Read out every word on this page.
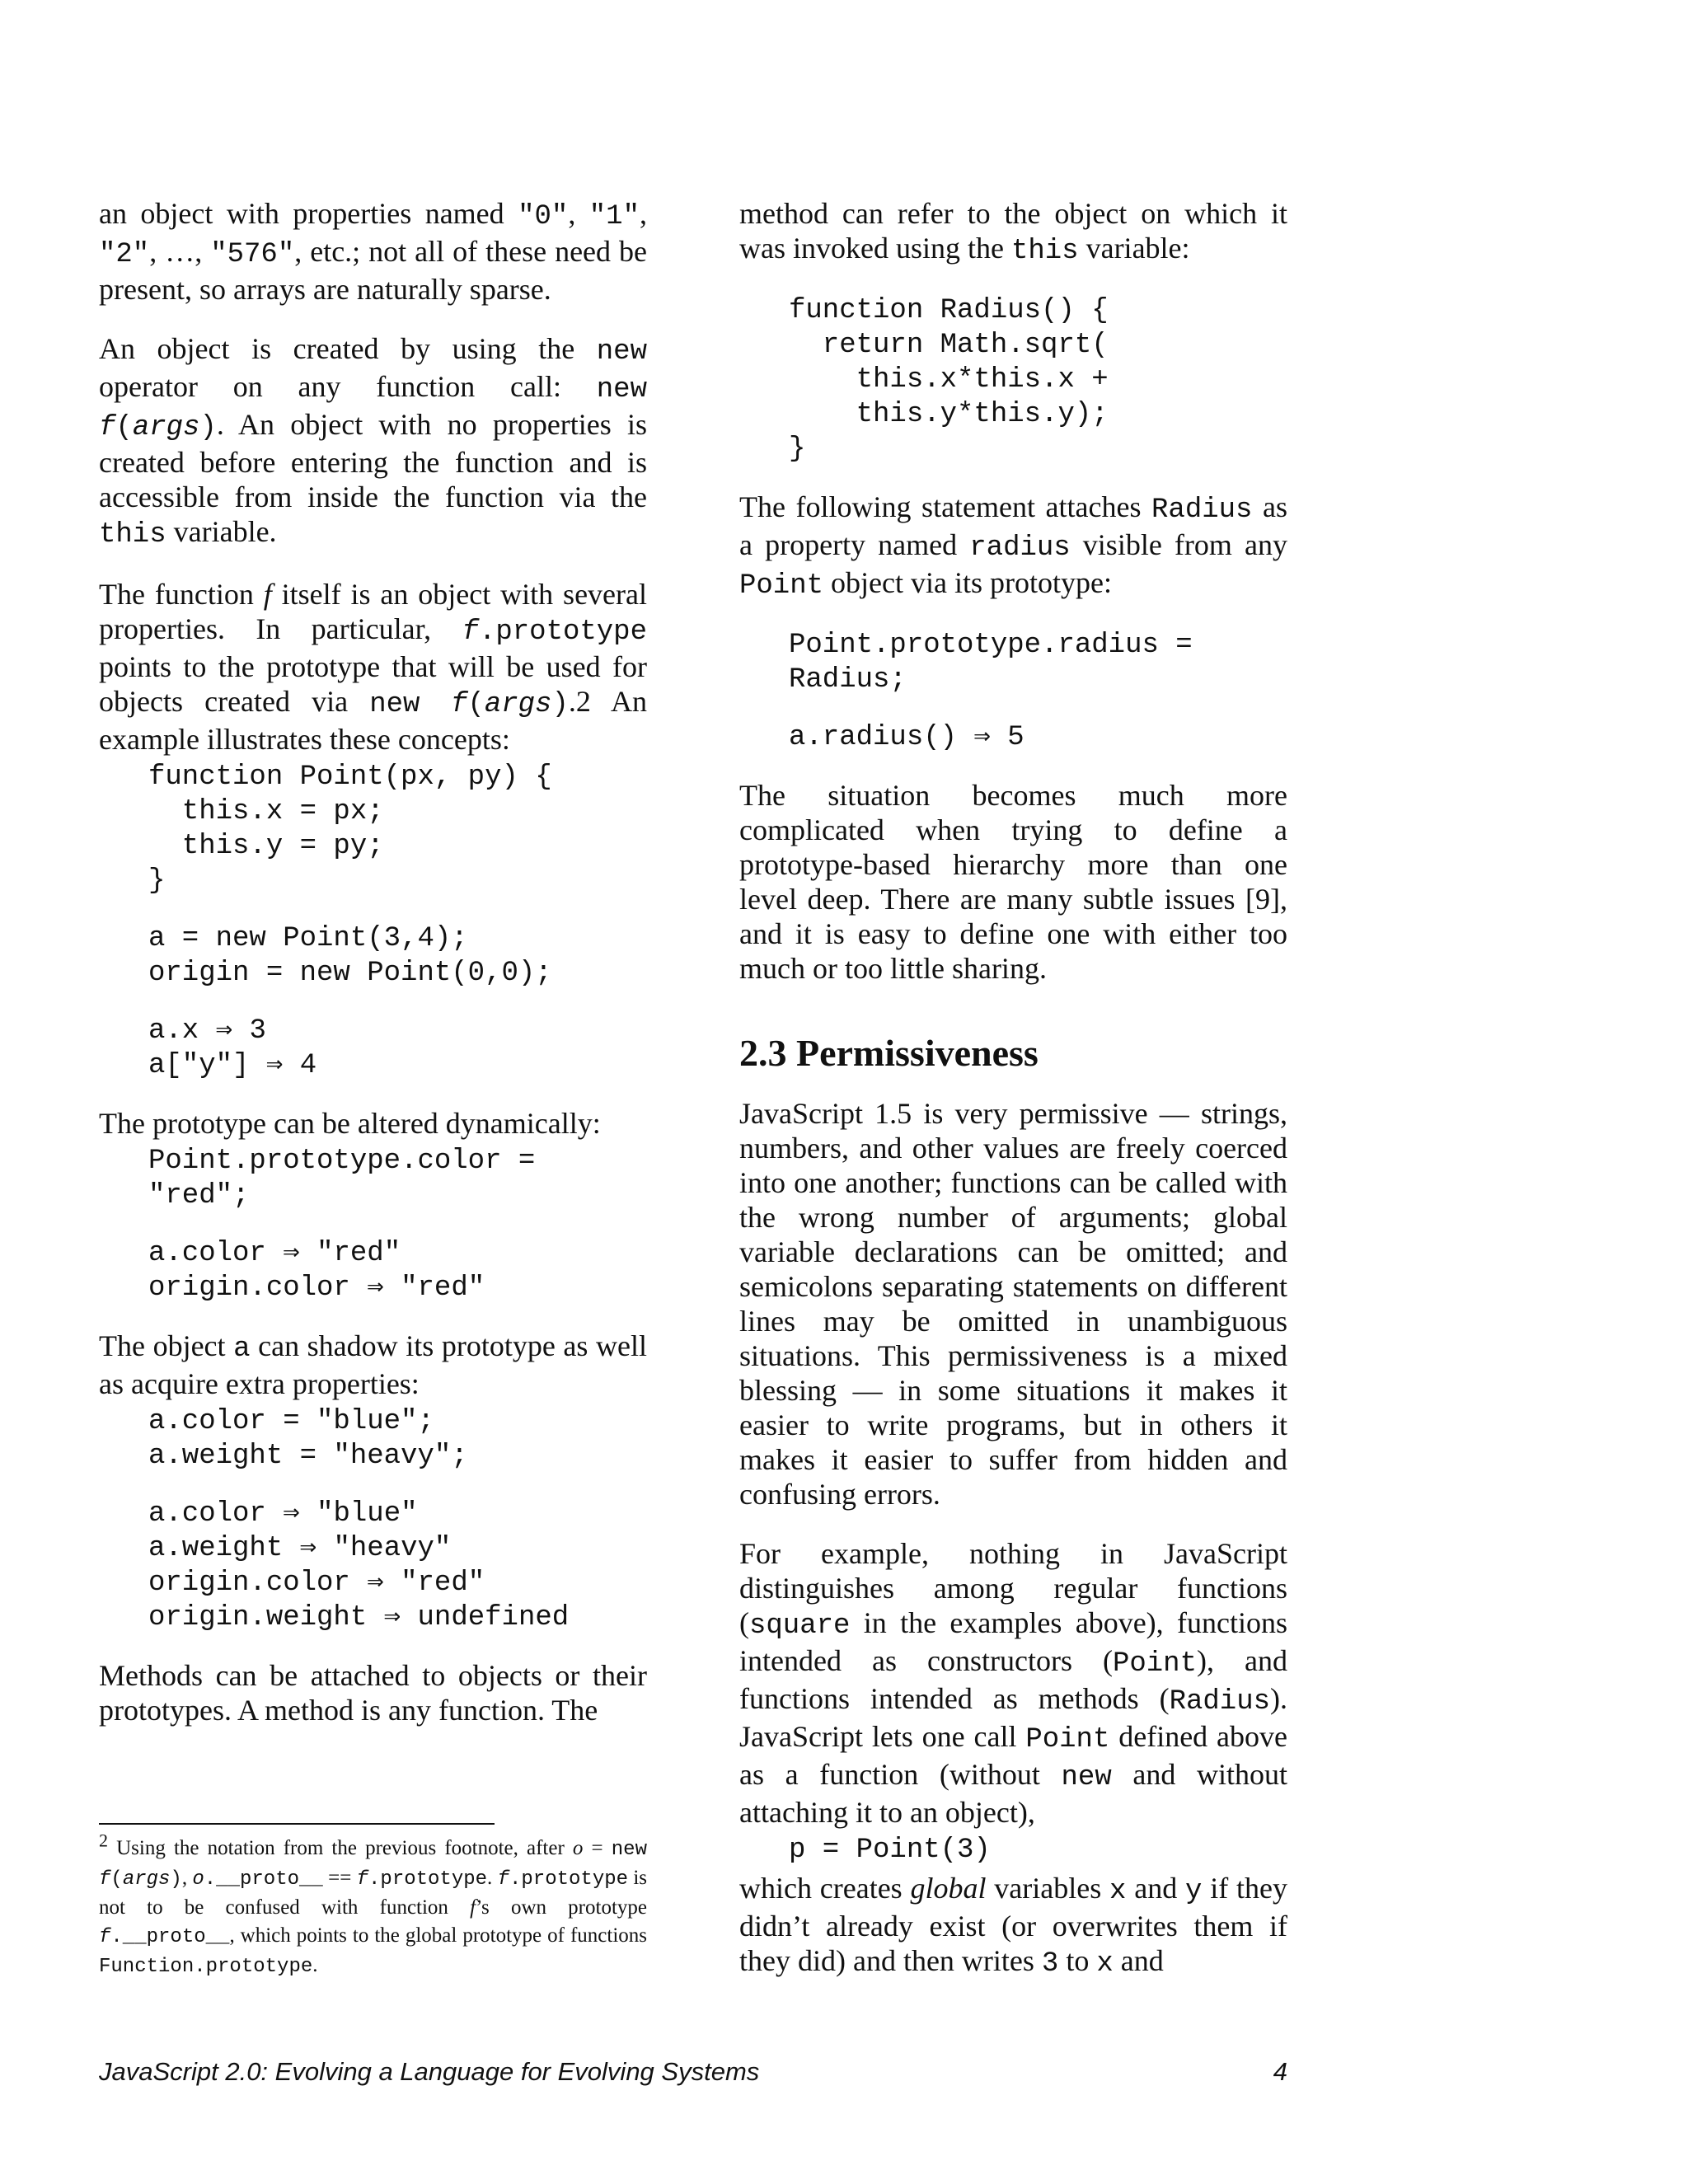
an object with properties named "0", "1", "2", …, "576", etc.; not all of these need be present, so arrays are naturally sparse.

An object is created by using the new operator on any function call: new f(args). An object with no properties is created before entering the function and is accessible from inside the function via the this variable.

The function f itself is an object with several properties. In particular, f.prototype points to the prototype that will be used for objects created via new f(args).2 An example illustrates these concepts:

function Point(px, py) {
this.x = px;
this.y = py;
}
a = new Point(3,4);
origin = new Point(0,0);
a.x ⇒ 3
a["y"] ⇒ 4

The prototype can be altered dynamically:

Point.prototype.color =
"red";
a.color ⇒ "red"
origin.color ⇒ "red"

The object a can shadow its prototype as well as acquire extra properties:

a.color = "blue";
a.weight = "heavy";
a.color ⇒ "blue"
a.weight ⇒ "heavy"
origin.color ⇒ "red"
origin.weight ⇒ undefined

Methods can be attached to objects or their prototypes. A method is any function. The

method can refer to the object on which it was invoked using the this variable:

function Radius() {
return Math.sqrt(
this.x*this.x +
this.y*this.y);
}

The following statement attaches Radius as a property named radius visible from any Point object via its prototype:

Point.prototype.radius =
Radius;
a.radius() ⇒ 5

The situation becomes much more complicated when trying to define a prototype-based hierarchy more than one level deep. There are many subtle issues [9], and it is easy to define one with either too much or too little sharing.

2.3 Permissiveness

JavaScript 1.5 is very permissive — strings, numbers, and other values are freely coerced into one another; functions can be called with the wrong number of arguments; global variable declarations can be omitted; and semicolons separating statements on different lines may be omitted in unambiguous situations. This permissiveness is a mixed blessing — in some situations it makes it easier to write programs, but in others it makes it easier to suffer from hidden and confusing errors.

For example, nothing in JavaScript distinguishes among regular functions (square in the examples above), functions intended as constructors (Point), and functions intended as methods (Radius). JavaScript lets one call Point defined above as a function (without new and without attaching it to an object),

p = Point(3)

which creates global variables x and y if they didn’t already exist (or overwrites them if they did) and then writes 3 to x and

$^2$ Using the notation from the previous footnote, after o = new f(args), o.__proto__ == f.prototype. f.prototype is not to be confused with function f’s own prototype f.__proto__, which points to the global prototype of functions Function.prototype.

JavaScript 2.0: Evolving a Language for Evolving Systems	4
